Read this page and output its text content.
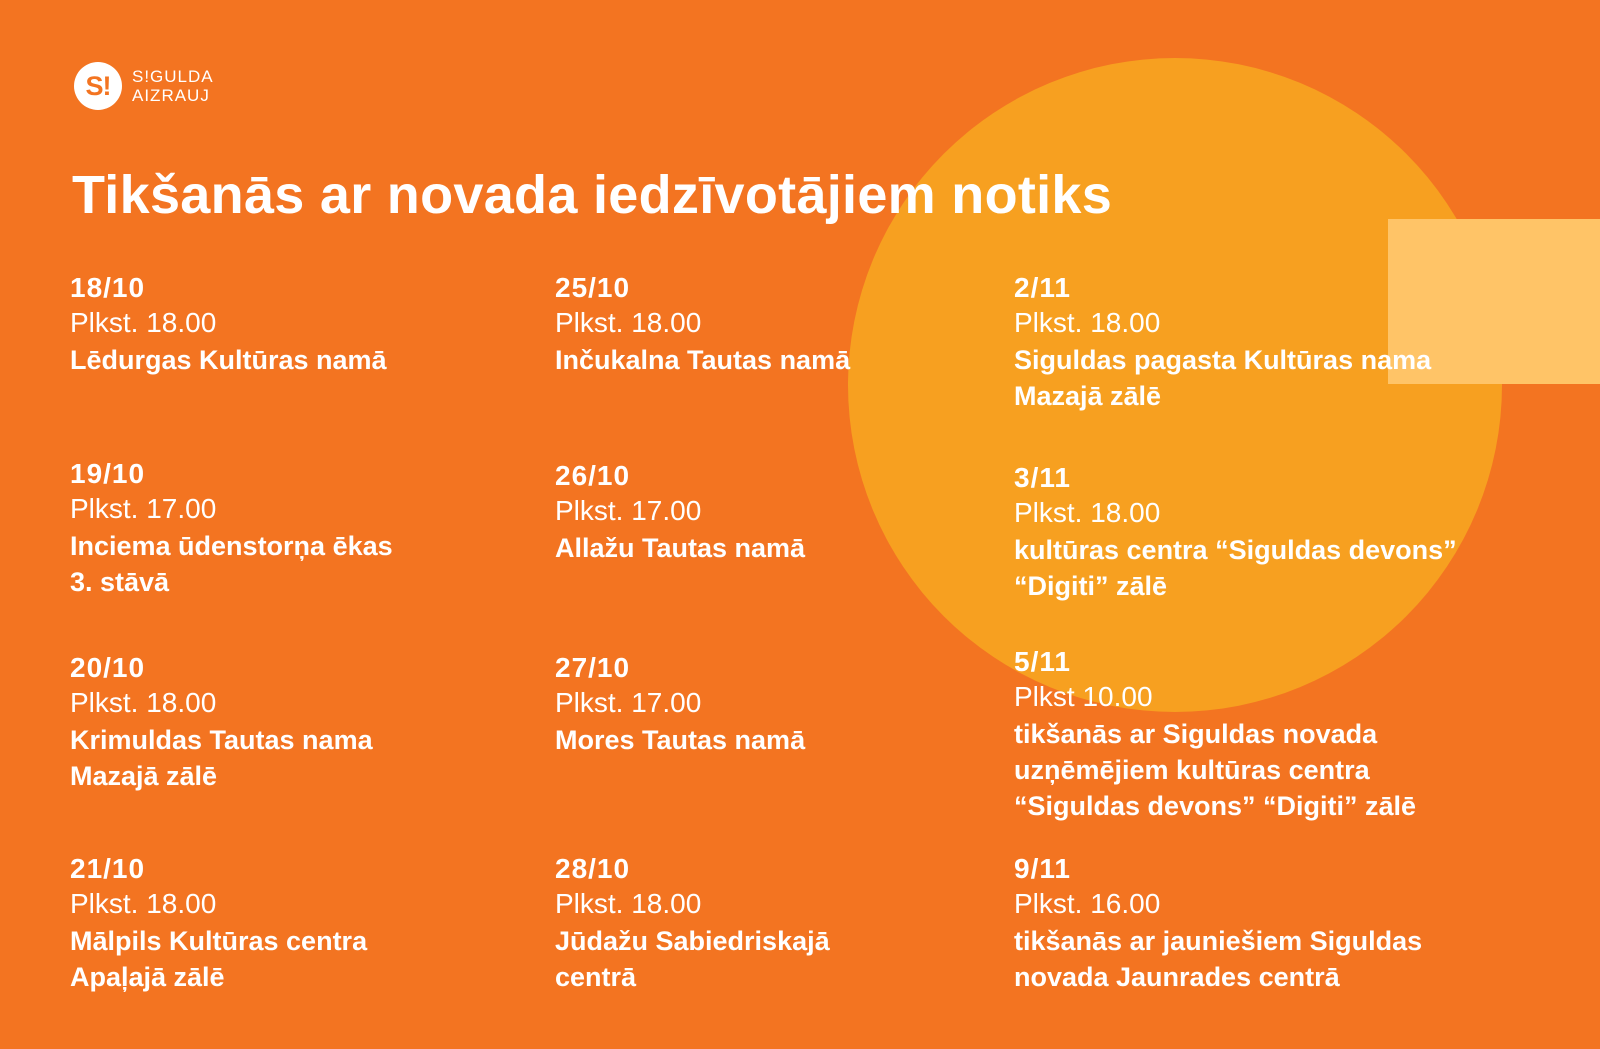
S!	S!GULDA
AIZRAUJ
Tikšanās ar novada iedzīvotājiem notiks
18/10
Plkst. 18.00
Lēdurgas Kultūras namā
19/10
Plkst. 17.00
Inciema ūdenstorņa ēkas
3. stāvā
20/10
Plkst. 18.00
Krimuldas Tautas nama
Mazajā zālē
21/10
Plkst. 18.00
Mālpils Kultūras centra
Apaļajā zālē
25/10
Plkst. 18.00
Inčukalna Tautas namā
26/10
Plkst. 17.00
Allažu Tautas namā
27/10
Plkst. 17.00
Mores Tautas namā
28/10
Plkst. 18.00
Jūdažu Sabiedriskajā
centrā
2/11
Plkst. 18.00
Siguldas pagasta Kultūras nama
Mazajā zālē
3/11
Plkst. 18.00
kultūras centra “Siguldas devons”
“Digiti” zālē
5/11
Plkst 10.00
tikšanās ar Siguldas novada
uzņēmējiem kultūras centra
“Siguldas devons” “Digiti” zālē
9/11
Plkst. 16.00
tikšanās ar jauniešiem Siguldas
novada Jaunrades centrā
